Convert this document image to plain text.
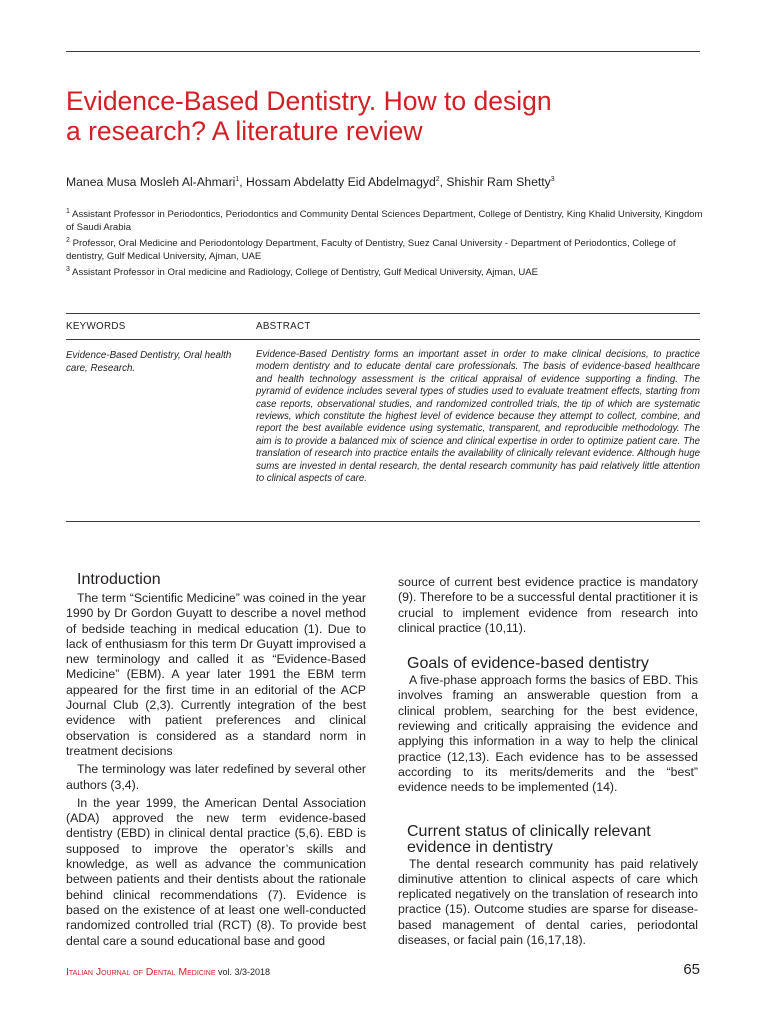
Evidence-Based Dentistry. How to design
a research? A literature review
Manea Musa Mosleh Al-Ahmari$^1$, Hossam Abdelatty Eid Abdelmagyd$^2$, Shishir Ram Shetty$^3$

$^1$ Assistant Professor in Periodontics, Periodontics and Community Dental Sciences Department, College of Dentistry, King Khalid University, Kingdom of Saudi Arabia

$^2$ Professor, Oral Medicine and Periodontology Department, Faculty of Dentistry, Suez Canal University - Department of Periodontics, College of dentistry, Gulf Medical University, Ajman, UAE

$^3$ Assistant Professor in Oral medicine and Radiology, College of Dentistry, Gulf Medical University, Ajman, UAE

KEYWORDS	ABSTRACT
Evidence-Based Dentistry, Oral health care, Research.
Evidence-Based Dentistry forms an important asset in order to make clinical decisions, to practice modern dentistry and to educate dental care professionals. The basis of evidence-based healthcare and health technology assessment is the critical appraisal of evidence supporting a finding. The pyramid of evidence includes several types of studies used to evaluate treatment effects, starting from case reports, observational studies, and randomized controlled trials, the tip of which are systematic reviews, which constitute the highest level of evidence because they attempt to collect, combine, and report the best available evidence using systematic, transparent, and reproducible methodology. The aim is to provide a balanced mix of science and clinical expertise in order to optimize patient care. The translation of research into practice entails the availability of clinically relevant evidence. Although huge sums are invested in dental research, the dental research community has paid relatively little attention to clinical aspects of care.
Introduction

The term “Scientific Medicine” was coined in the year 1990 by Dr Gordon Guyatt to describe a novel method of bedside teaching in medical education (1). Due to lack of enthusiasm for this term Dr Guyatt improvised a new terminology and called it as “Evidence-Based Medicine” (EBM). A year later 1991 the EBM term appeared for the first time in an editorial of the ACP Journal Club (2,3). Currently integration of the best evidence with patient preferences and clinical observation is considered as a standard norm in treatment decisions

The terminology was later redefined by several other authors (3,4).

In the year 1999, the American Dental Association (ADA) approved the new term evidence-based dentistry (EBD) in clinical dental practice (5,6). EBD is supposed to improve the operator’s skills and knowledge, as well as advance the communication between patients and their dentists about the rationale behind clinical recommendations (7). Evidence is based on the existence of at least one well-conducted randomized controlled trial (RCT) (8). To provide best dental care a sound educational base and good

source of current best evidence practice is mandatory (9). Therefore to be a successful dental practitioner it is crucial to implement evidence from research into clinical practice (10,11).

Goals of evidence-based dentistry

A five-phase approach forms the basics of EBD. This involves framing an answerable question from a clinical problem, searching for the best evidence, reviewing and critically appraising the evidence and applying this information in a way to help the clinical practice (12,13). Each evidence has to be assessed according to its merits/demerits and the “best” evidence needs to be implemented (14).

Current status of clinically relevant
evidence in dentistry

The dental research community has paid relatively diminutive attention to clinical aspects of care which replicated negatively on the translation of research into practice (15). Outcome studies are sparse for disease-based management of dental caries, periodontal diseases, or facial pain (16,17,18).

Italian Journal of Dental Medicine vol. 3/3-2018	65
